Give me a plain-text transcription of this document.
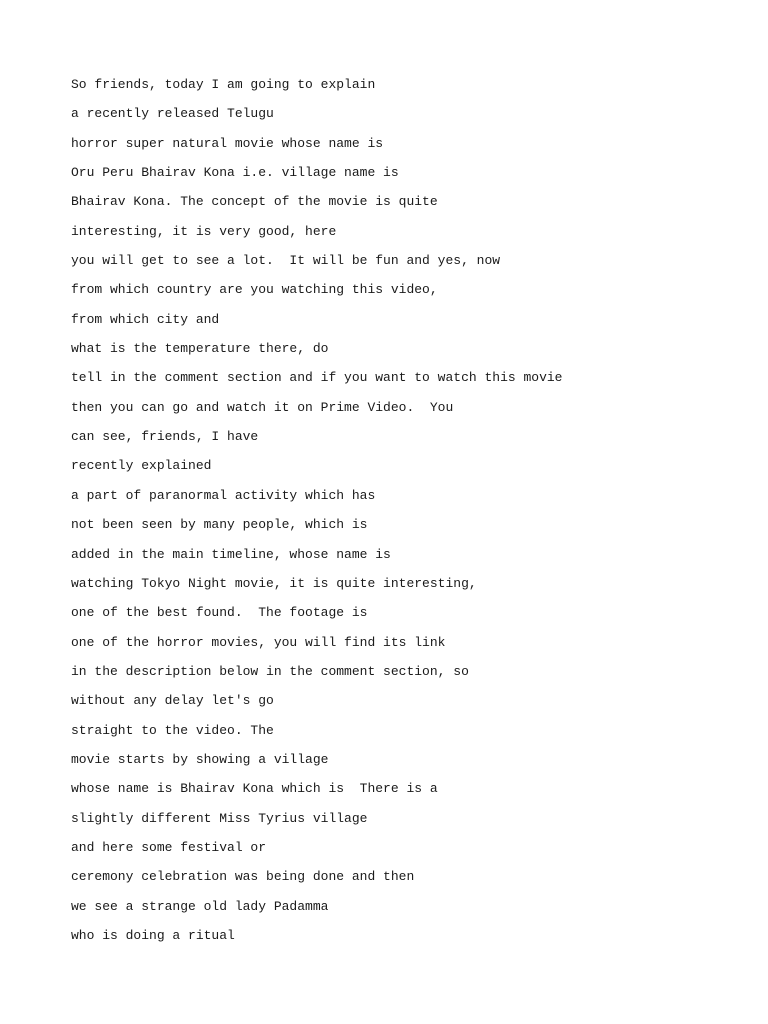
So friends, today I am going to explain
a recently released Telugu
horror super natural movie whose name is
Oru Peru Bhairav Kona i.e. village name is
Bhairav Kona. The concept of the movie is quite
interesting, it is very good, here
you will get to see a lot.  It will be fun and yes, now
from which country are you watching this video,
from which city and
what is the temperature there, do
tell in the comment section and if you want to watch this movie
then you can go and watch it on Prime Video.  You
can see, friends, I have
recently explained
a part of paranormal activity which has
not been seen by many people, which is
added in the main timeline, whose name is
watching Tokyo Night movie, it is quite interesting,
one of the best found.  The footage is
one of the horror movies, you will find its link
in the description below in the comment section, so
without any delay let's go
straight to the video. The
movie starts by showing a village
whose name is Bhairav Kona which is  There is a
slightly different Miss Tyrius village
and here some festival or
ceremony celebration was being done and then
we see a strange old lady Padamma
who is doing a ritual
